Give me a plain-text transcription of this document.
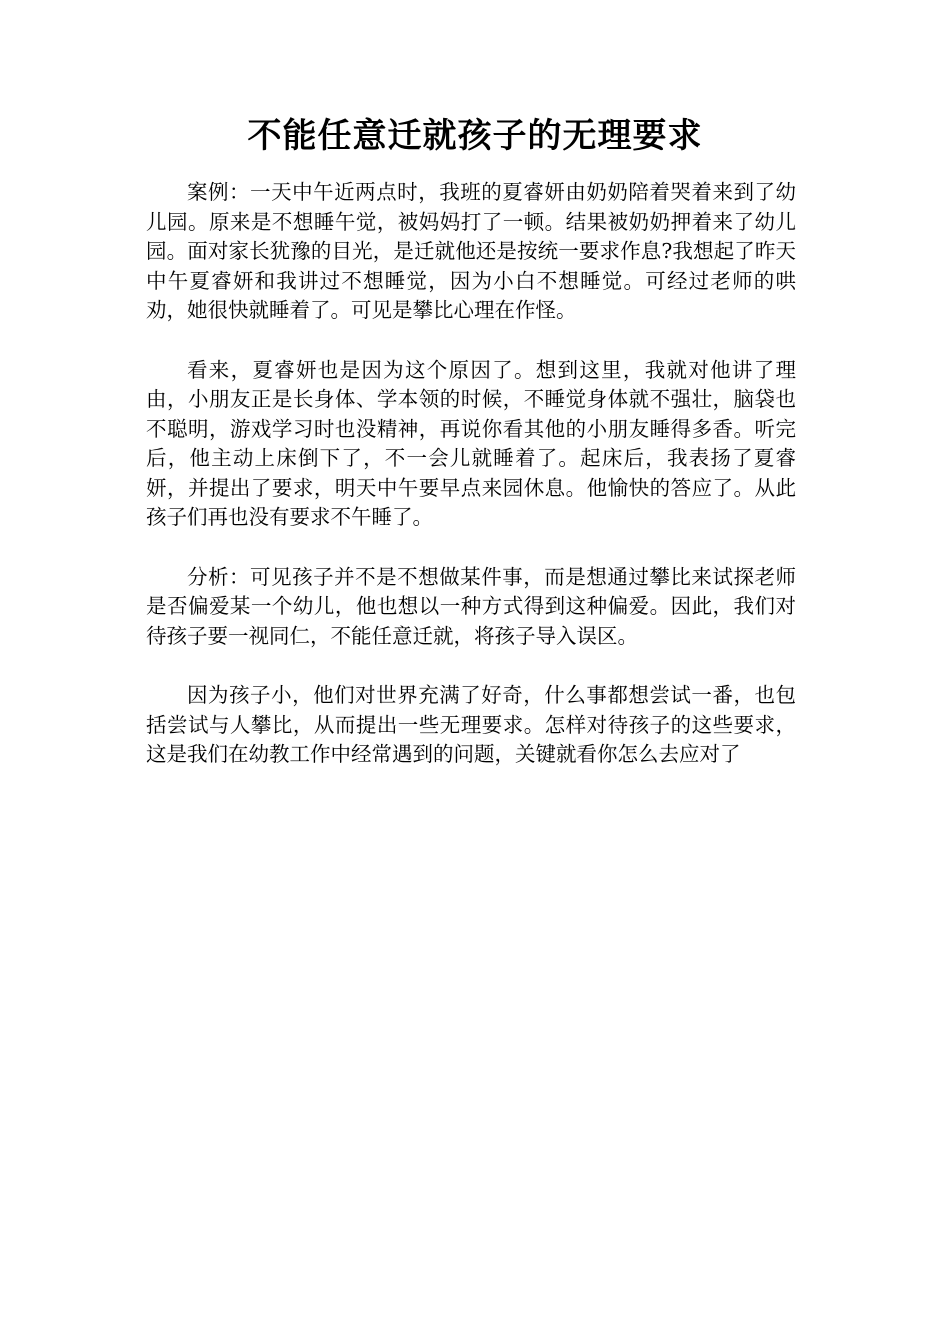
不能任意迁就孩子的无理要求

案例：一天中午近两点时，我班的夏睿妍由奶奶陪着哭着来到了幼儿园。原来是不想睡午觉，被妈妈打了一顿。结果被奶奶押着来了幼儿园。面对家长犹豫的目光，是迁就他还是按统一要求作息?我想起了昨天中午夏睿妍和我讲过不想睡觉，因为小白不想睡觉。可经过老师的哄劝，她很快就睡着了。可见是攀比心理在作怪。

看来，夏睿妍也是因为这个原因了。想到这里，我就对他讲了理由，小朋友正是长身体、学本领的时候，不睡觉身体就不强壮，脑袋也不聪明，游戏学习时也没精神，再说你看其他的小朋友睡得多香。听完后，他主动上床倒下了，不一会儿就睡着了。起床后，我表扬了夏睿妍，并提出了要求，明天中午要早点来园休息。他愉快的答应了。从此孩子们再也没有要求不午睡了。

分析：可见孩子并不是不想做某件事，而是想通过攀比来试探老师是否偏爱某一个幼儿，他也想以一种方式得到这种偏爱。因此，我们对待孩子要一视同仁，不能任意迁就，将孩子导入误区。

因为孩子小，他们对世界充满了好奇，什么事都想尝试一番，也包括尝试与人攀比，从而提出一些无理要求。怎样对待孩子的这些要求，这是我们在幼教工作中经常遇到的问题，关键就看你怎么去应对了
